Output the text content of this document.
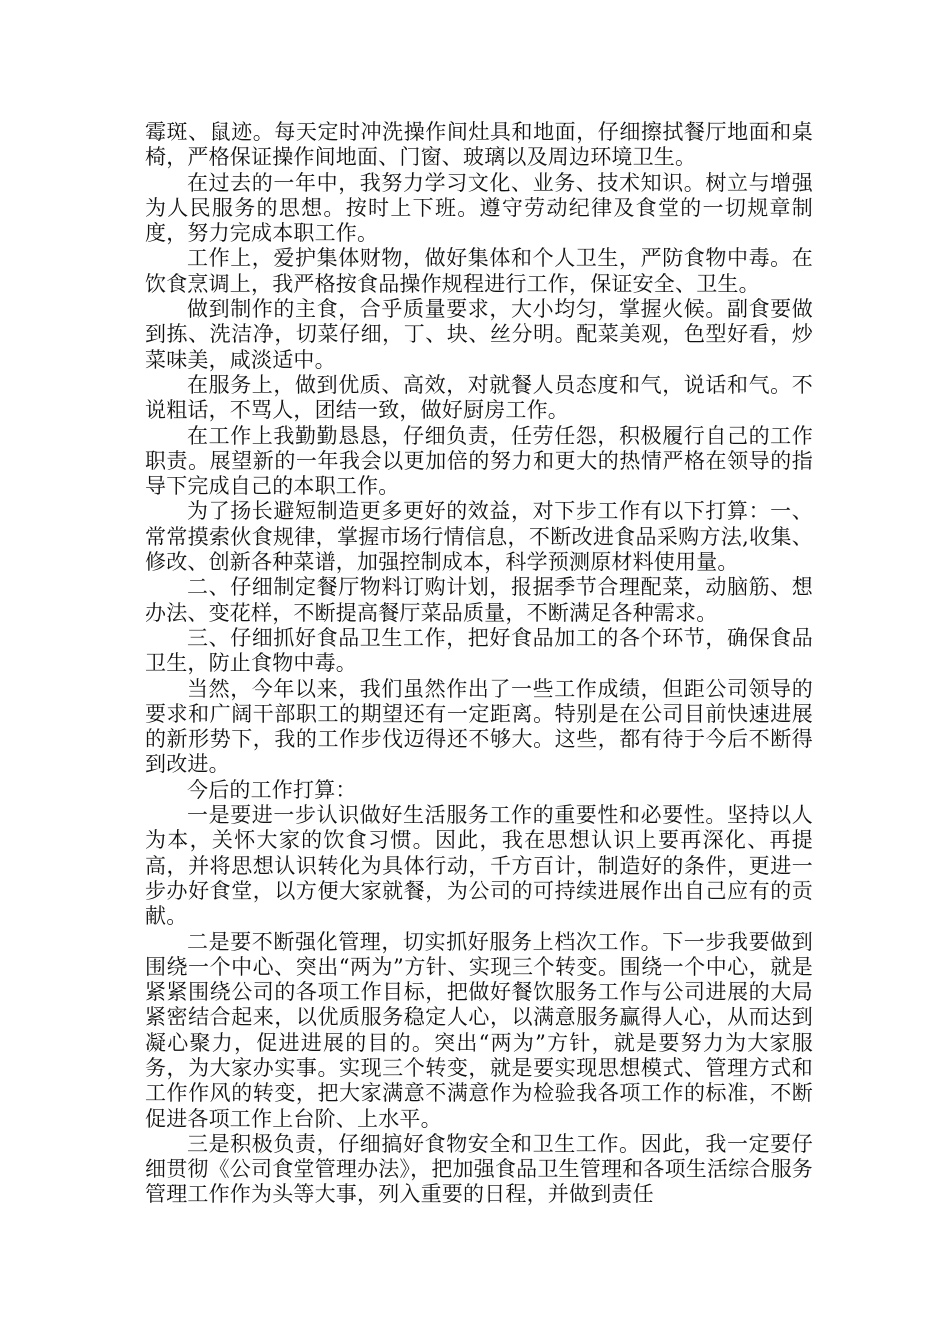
霉斑、鼠迹。每天定时冲洗操作间灶具和地面，仔细擦拭餐厅地面和桌椅，严格保证操作间地面、门窗、玻璃以及周边环境卫生。

在过去的一年中，我努力学习文化、业务、技术知识。树立与增强为人民服务的思想。按时上下班。遵守劳动纪律及食堂的一切规章制度，努力完成本职工作。

工作上，爱护集体财物，做好集体和个人卫生，严防食物中毒。在饮食烹调上，我严格按食品操作规程进行工作，保证安全、卫生。

做到制作的主食，合乎质量要求，大小均匀，掌握火候。副食要做到拣、洗洁净，切菜仔细，丁、块、丝分明。配菜美观，色型好看，炒菜味美，咸淡适中。

在服务上，做到优质、高效，对就餐人员态度和气，说话和气。不说粗话，不骂人，团结一致，做好厨房工作。

在工作上我勤勤恳恳，仔细负责，任劳任怨，积极履行自己的工作职责。展望新的一年我会以更加倍的努力和更大的热情严格在领导的指导下完成自己的本职工作。

为了扬长避短制造更多更好的效益，对下步工作有以下打算：一、常常摸索伙食规律，掌握市场行情信息，不断改进食品采购方法,收集、修改、创新各种菜谱，加强控制成本，科学预测原材料使用量。

二、仔细制定餐厅物料订购计划，报据季节合理配菜，动脑筋、想办法、变花样，不断提高餐厅菜品质量，不断满足各种需求。

三、仔细抓好食品卫生工作，把好食品加工的各个环节，确保食品卫生，防止食物中毒。

当然，今年以来，我们虽然作出了一些工作成绩，但距公司领导的要求和广阔干部职工的期望还有一定距离。特别是在公司目前快速进展的新形势下，我的工作步伐迈得还不够大。这些，都有待于今后不断得到改进。

今后的工作打算：

一是要进一步认识做好生活服务工作的重要性和必要性。坚持以人为本，关怀大家的饮食习惯。因此，我在思想认识上要再深化、再提高，并将思想认识转化为具体行动，千方百计，制造好的条件，更进一步办好食堂，以方便大家就餐，为公司的可持续进展作出自己应有的贡献。

二是要不断强化管理，切实抓好服务上档次工作。下一步我要做到围绕一个中心、突出“两为”方针、实现三个转变。围绕一个中心，就是紧紧围绕公司的各项工作目标，把做好餐饮服务工作与公司进展的大局紧密结合起来，以优质服务稳定人心，以满意服务赢得人心，从而达到凝心聚力，促进进展的目的。突出“两为”方针，就是要努力为大家服务，为大家办实事。实现三个转变，就是要实现思想模式、管理方式和工作作风的转变，把大家满意不满意作为检验我各项工作的标准，不断促进各项工作上台阶、上水平。

三是积极负责，仔细搞好食物安全和卫生工作。因此，我一定要仔细贯彻《公司食堂管理办法》，把加强食品卫生管理和各项生活综合服务管理工作作为头等大事，列入重要的日程，并做到责任
